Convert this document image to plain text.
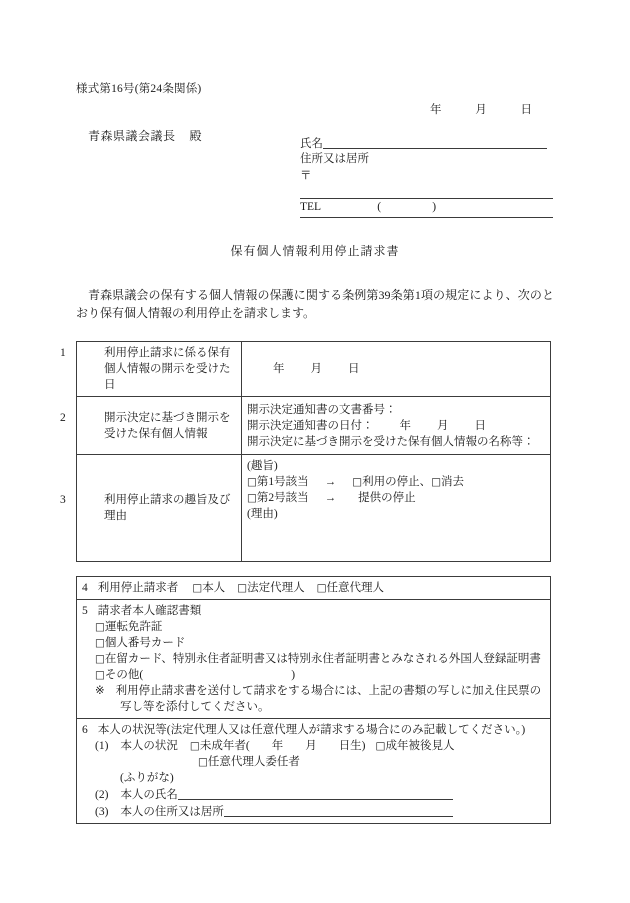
様式第16号(第24条関係)
年	月	日
青森県議会議長 殿
氏名
住所又は居所
〒
TEL	(	)
保有個人情報利用停止請求書
青森県議会の保有する個人情報の保護に関する条例第39条第1項の規定により、次のとおり保有個人情報の利用停止を請求します。
1 利用停止請求に係る保有個人情報の開示を受けた日	年 月 日

2 開示決定に基づき開示を受けた保有個人情報	開示決定通知書の文書番号：
開示決定通知書の日付： 年 月 日
開示決定に基づき開示を受けた保有個人情報の名称等：

3 利用停止請求の趣旨及び理由	(趣旨)
□第1号該当 → □利用の停止、□消去
□第2号該当 → 提供の停止
(理由)
4 利用停止請求者 □本人 □法定代理人 □任意代理人

5 請求者本人確認書類
□運転免許証
□個人番号カード
□在留カード、特別永住者証明書又は特別永住者証明書とみなされる外国人登録証明書
□その他(	)
※ 利用停止請求書を送付して請求をする場合には、上記の書類の写しに加え住民票の写し等を添付してください。

6 本人の状況等(法定代理人又は任意代理人が請求する場合にのみ記載してください。)
(1) 本人の状況 □未成年者( 年 月 日生) □成年被後見人
□任意代理人委任者
(ふりがな)
(2) 本人の氏名
(3) 本人の住所又は居所
